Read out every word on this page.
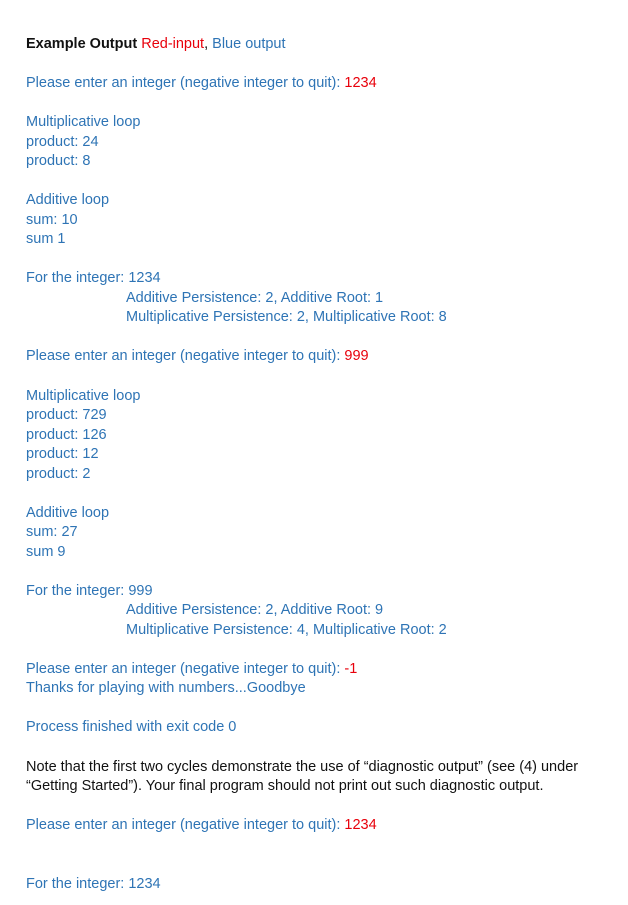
Example Output Red-input, Blue output
Please enter an integer (negative integer to quit): 1234
Multiplicative loop
product: 24
product: 8
Additive loop
sum: 10
sum 1
For the integer: 1234
Additive Persistence: 2, Additive Root: 1
Multiplicative Persistence: 2, Multiplicative Root: 8
Please enter an integer (negative integer to quit): 999
Multiplicative loop
product: 729
product: 126
product: 12
product: 2
Additive loop
sum: 27
sum 9
For the integer: 999
Additive Persistence: 2, Additive Root: 9
Multiplicative Persistence: 4, Multiplicative Root: 2
Please enter an integer (negative integer to quit): -1
Thanks for playing with numbers...Goodbye
Process finished with exit code 0
Note that the first two cycles demonstrate the use of “diagnostic output” (see (4) under
“Getting Started”). Your final program should not print out such diagnostic output.
Please enter an integer (negative integer to quit): 1234
For the integer: 1234
